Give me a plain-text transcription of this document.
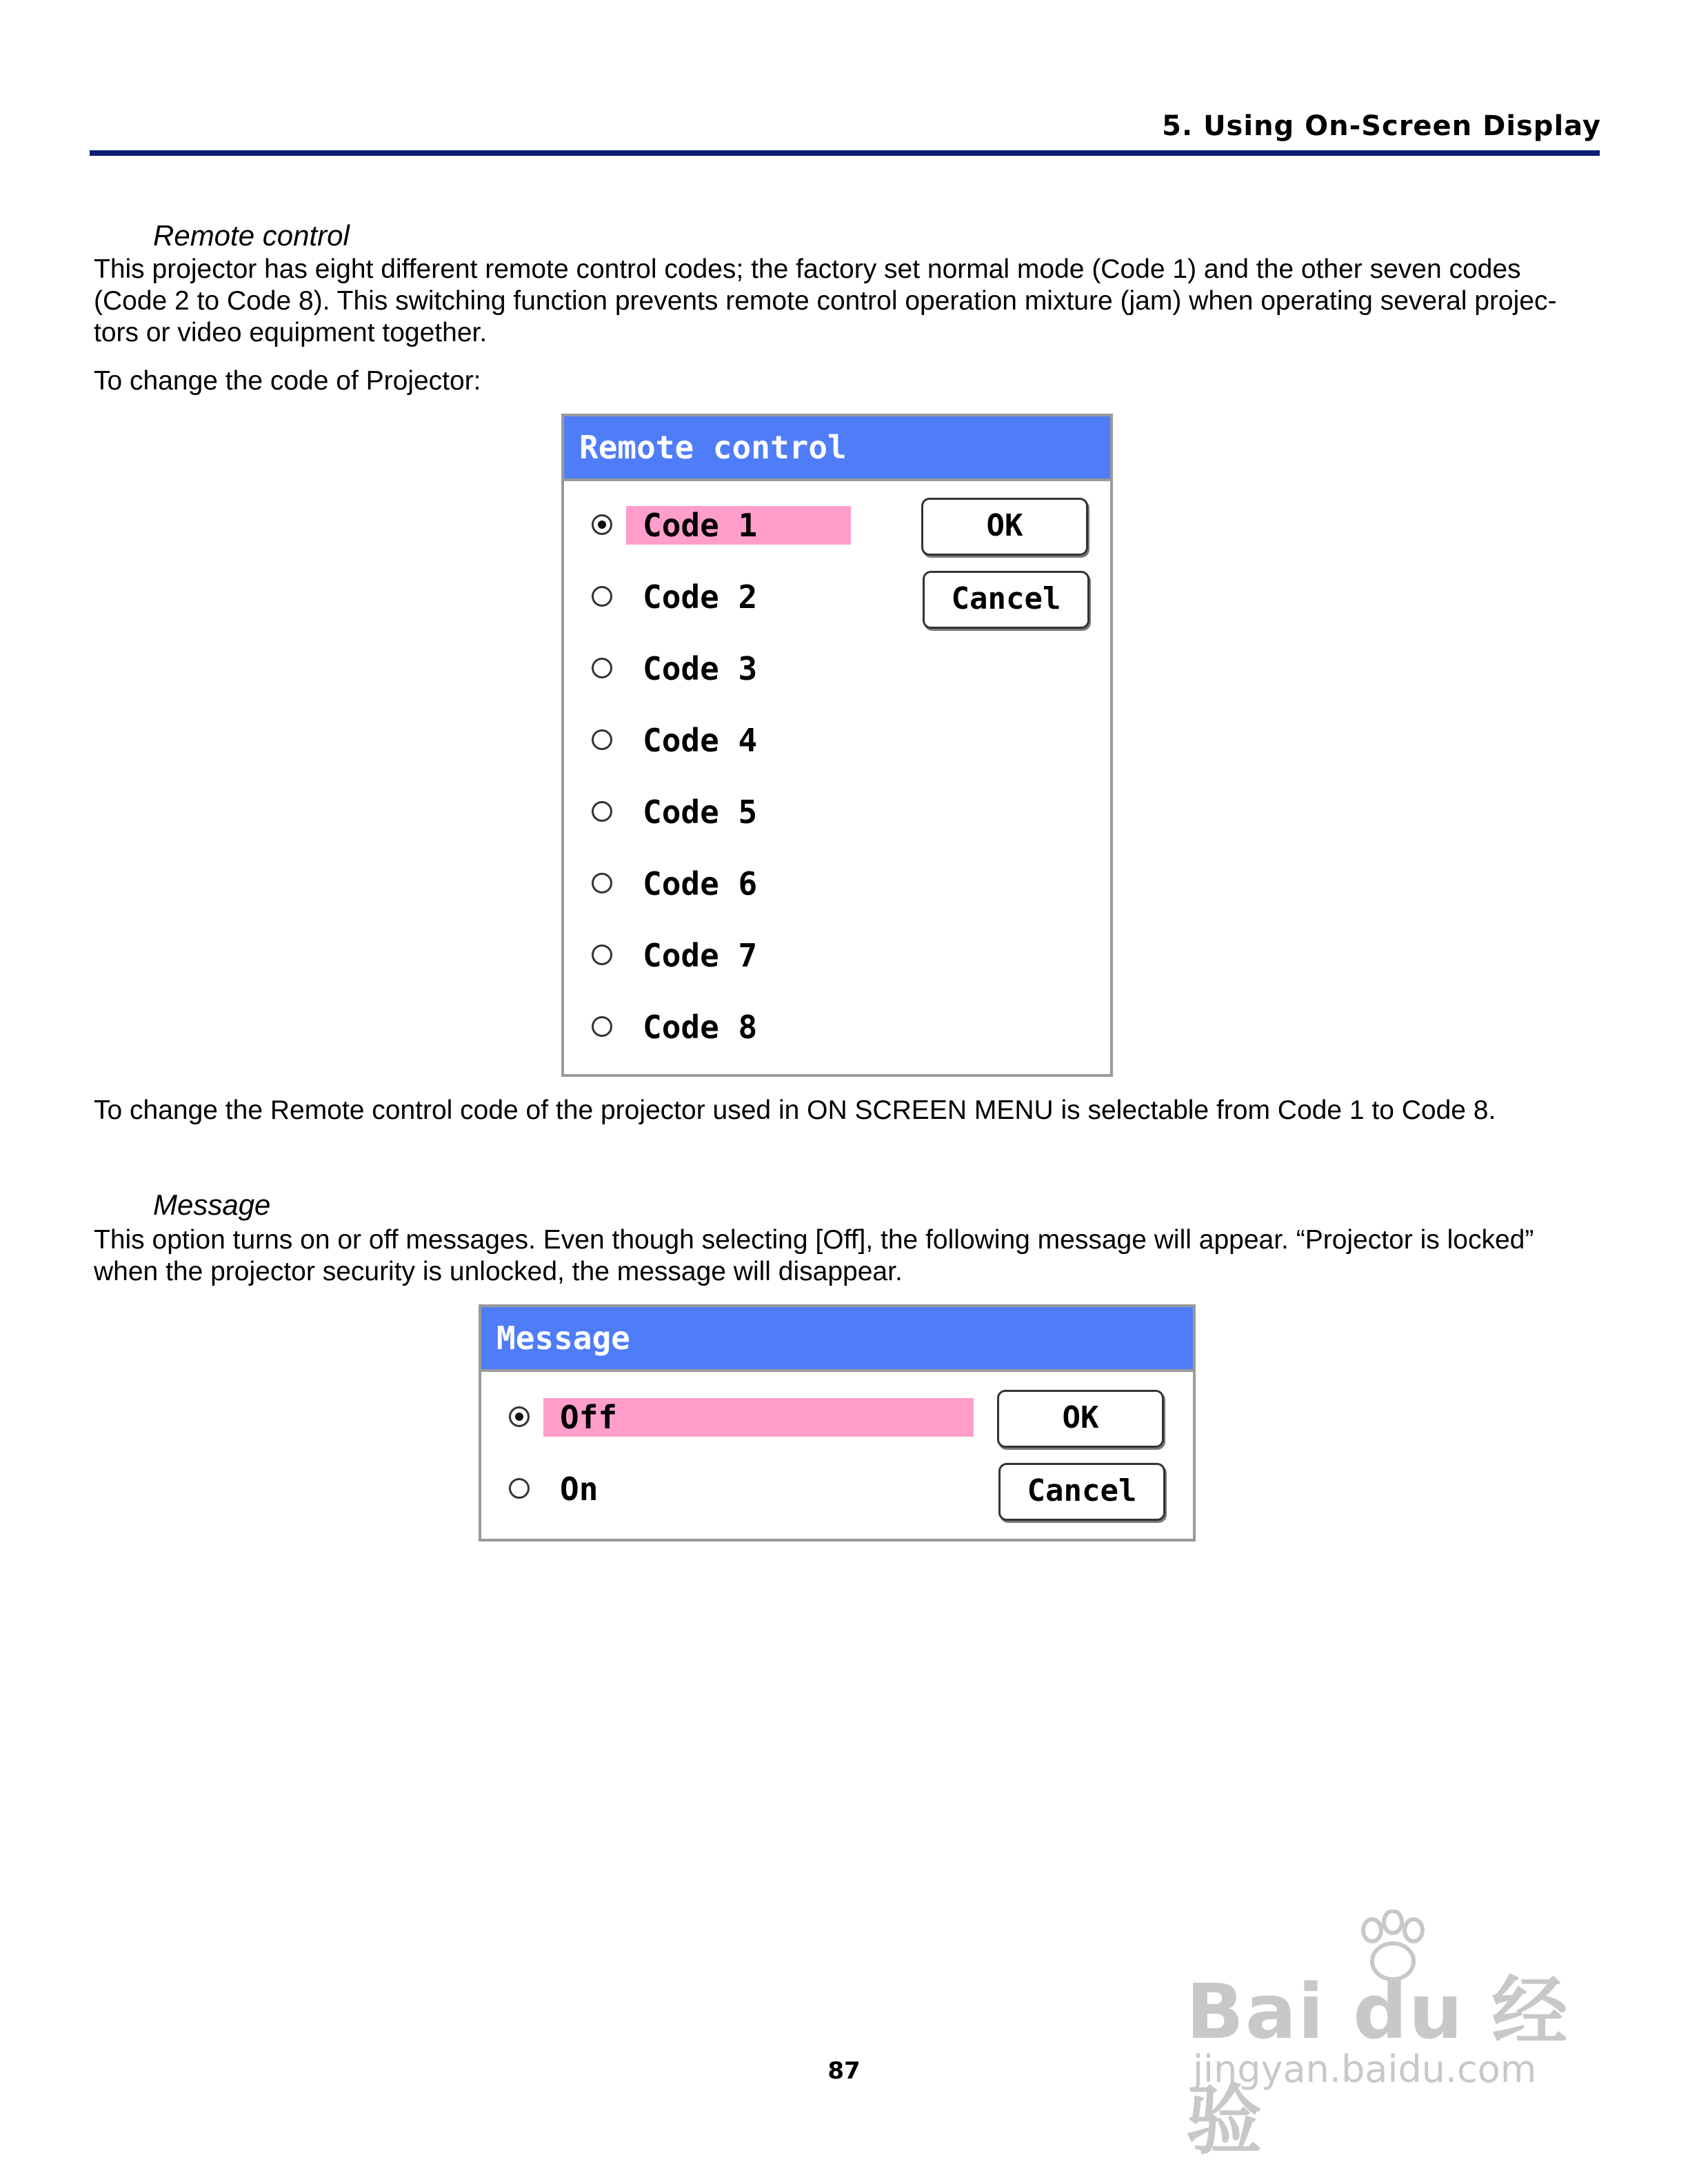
5. Using On-Screen Display
Remote control
This projector has eight different remote control codes; the factory set normal mode (Code 1) and the other seven codes
(Code 2 to Code 8). This switching function prevents remote control operation mixture (jam) when operating several projec-
tors or video equipment together.
To change the code of Projector:
Remote control
Code 1
Code 2
Code 3
Code 4
Code 5
Code 6
Code 7
Code 8
OK
Cancel
To change the Remote control code of the projector used in ON SCREEN MENU is selectable from Code 1 to Code 8.
Message
This option turns on or off messages. Even though selecting [Off], the following message will appear. “Projector is locked”
when the projector security is unlocked, the message will disappear.
Message
Off
On
OK
Cancel
87
Bai du 经验
jingyan.baidu.com
